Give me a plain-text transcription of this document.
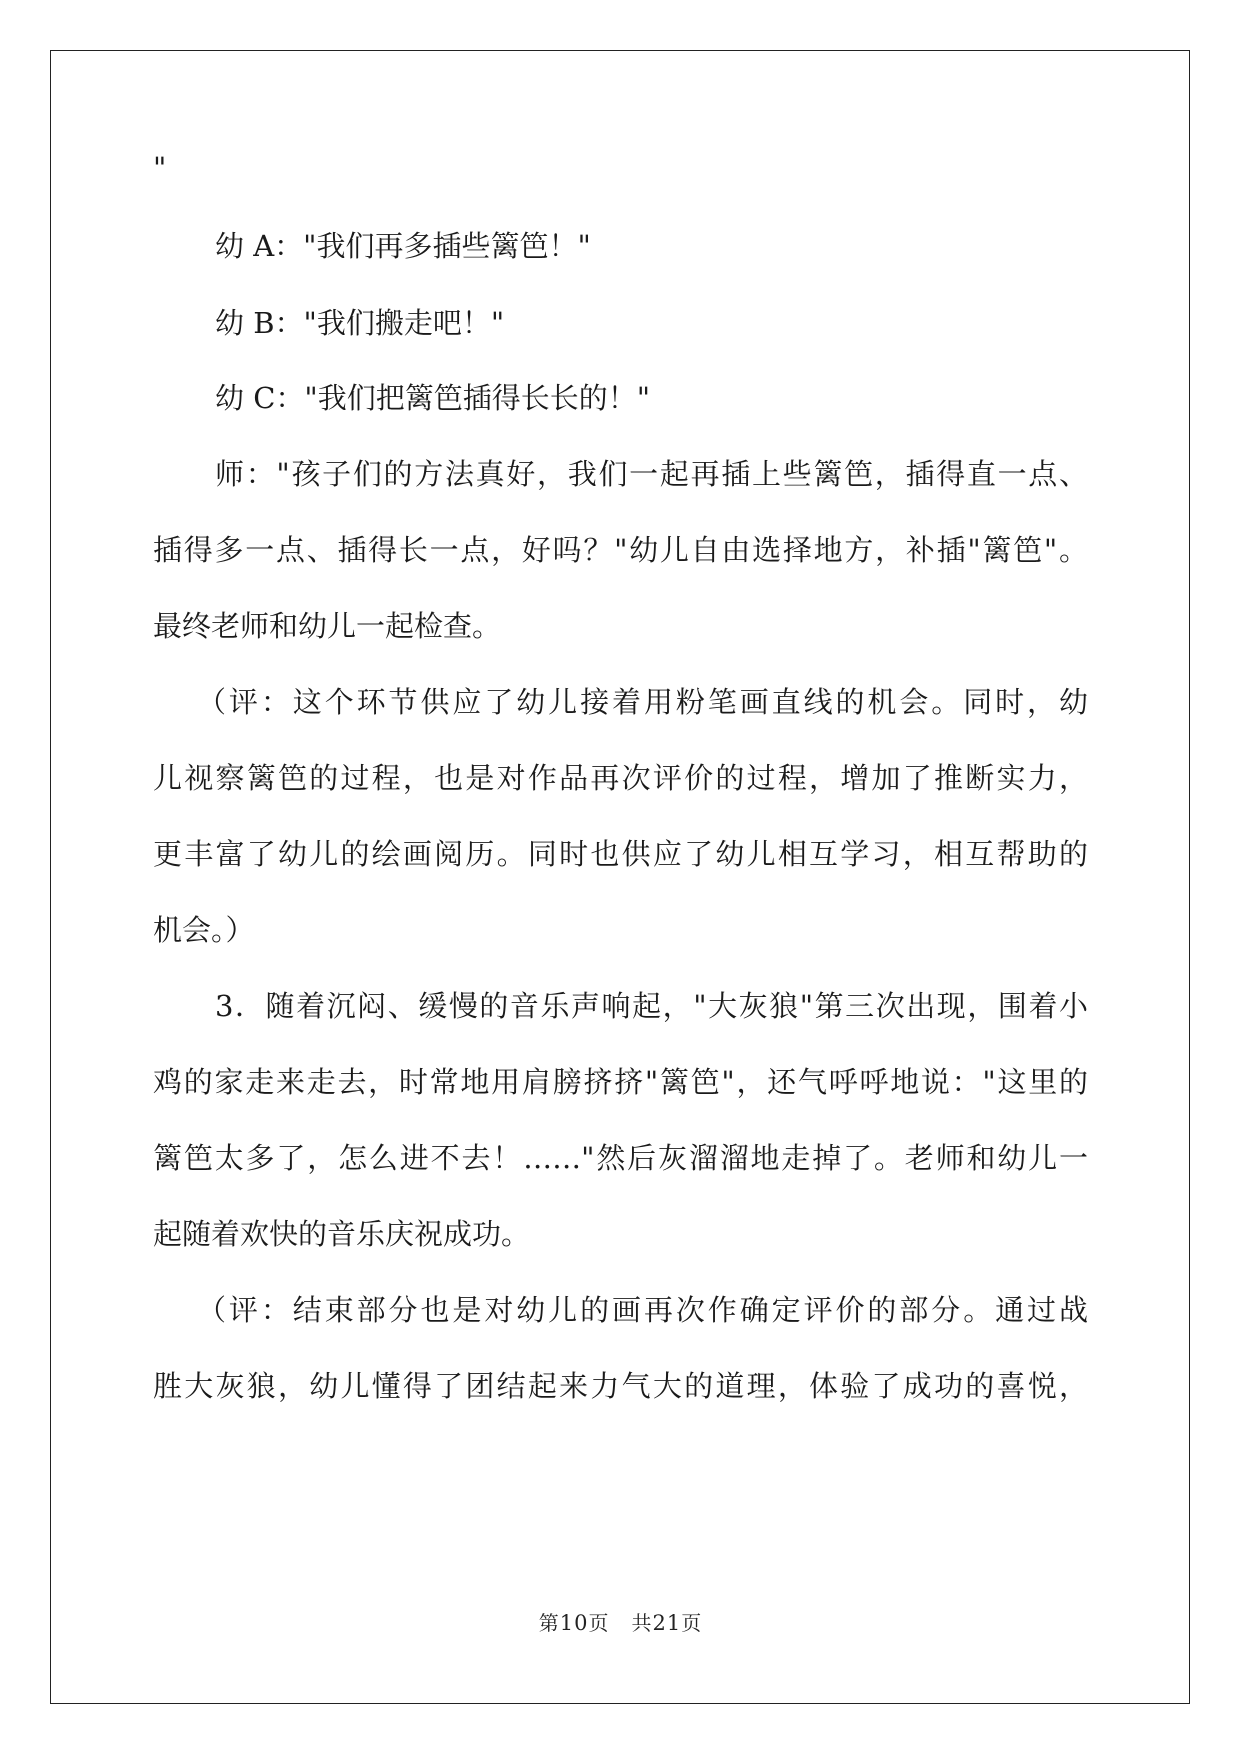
"
幼 A："我们再多插些篱笆！"
幼 B："我们搬走吧！"
幼 C："我们把篱笆插得长长的！"
师："孩子们的方法真好，我们一起再插上些篱笆，插得直一点、
插得多一点、插得长一点，好吗？"幼儿自由选择地方，补插"篱笆"。
最终老师和幼儿一起检查。
（评：这个环节供应了幼儿接着用粉笔画直线的机会。同时，幼
儿视察篱笆的过程，也是对作品再次评价的过程，增加了推断实力，
更丰富了幼儿的绘画阅历。同时也供应了幼儿相互学习，相互帮助的
机会。）
3．随着沉闷、缓慢的音乐声响起，"大灰狼"第三次出现，围着小
鸡的家走来走去，时常地用肩膀挤挤"篱笆"，还气呼呼地说："这里的
篱笆太多了，怎么进不去！……"然后灰溜溜地走掉了。老师和幼儿一
起随着欢快的音乐庆祝成功。
（评：结束部分也是对幼儿的画再次作确定评价的部分。通过战
胜大灰狼，幼儿懂得了团结起来力气大的道理，体验了成功的喜悦，
第10页   共21页
